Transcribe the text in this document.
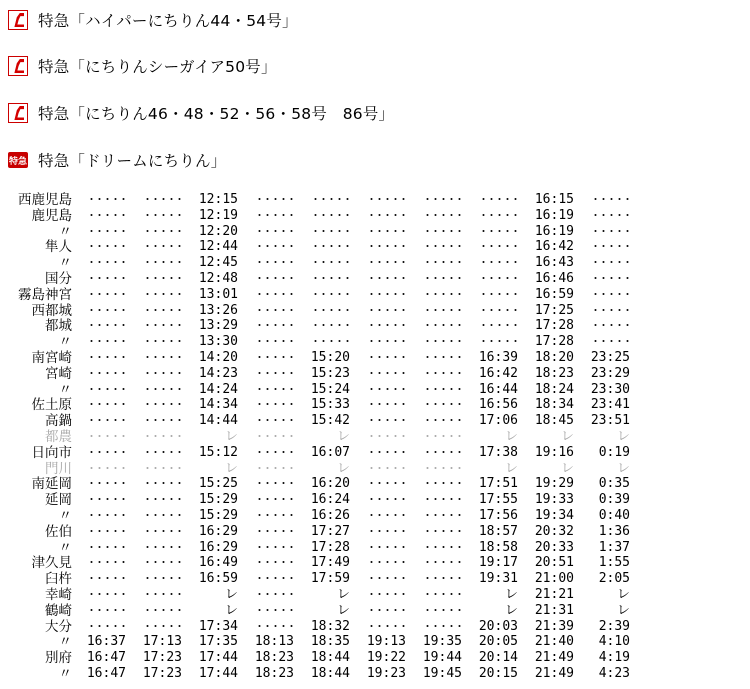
特急「ハイパーにちりん44・54号」
特急「にちりんシーガイア50号」
特急「にちりん46・48・52・56・58号　86号」
特急 特急「ドリームにちりん」
西鹿児島	・・・・・	・・・・・	12:15	・・・・・	・・・・・	・・・・・	・・・・・	・・・・・	16:15	・・・・・
鹿児島	・・・・・	・・・・・	12:19	・・・・・	・・・・・	・・・・・	・・・・・	・・・・・	16:19	・・・・・
〃	・・・・・	・・・・・	12:20	・・・・・	・・・・・	・・・・・	・・・・・	・・・・・	16:19	・・・・・
隼人	・・・・・	・・・・・	12:44	・・・・・	・・・・・	・・・・・	・・・・・	・・・・・	16:42	・・・・・
〃	・・・・・	・・・・・	12:45	・・・・・	・・・・・	・・・・・	・・・・・	・・・・・	16:43	・・・・・
国分	・・・・・	・・・・・	12:48	・・・・・	・・・・・	・・・・・	・・・・・	・・・・・	16:46	・・・・・
霧島神宮	・・・・・	・・・・・	13:01	・・・・・	・・・・・	・・・・・	・・・・・	・・・・・	16:59	・・・・・
西都城	・・・・・	・・・・・	13:26	・・・・・	・・・・・	・・・・・	・・・・・	・・・・・	17:25	・・・・・
都城	・・・・・	・・・・・	13:29	・・・・・	・・・・・	・・・・・	・・・・・	・・・・・	17:28	・・・・・
〃	・・・・・	・・・・・	13:30	・・・・・	・・・・・	・・・・・	・・・・・	・・・・・	17:28	・・・・・
南宮崎	・・・・・	・・・・・	14:20	・・・・・	15:20	・・・・・	・・・・・	16:39	18:20	23:25
宮崎	・・・・・	・・・・・	14:23	・・・・・	15:23	・・・・・	・・・・・	16:42	18:23	23:29
〃	・・・・・	・・・・・	14:24	・・・・・	15:24	・・・・・	・・・・・	16:44	18:24	23:30
佐土原	・・・・・	・・・・・	14:34	・・・・・	15:33	・・・・・	・・・・・	16:56	18:34	23:41
高鍋	・・・・・	・・・・・	14:44	・・・・・	15:42	・・・・・	・・・・・	17:06	18:45	23:51
都農	・・・・・	・・・・・	レ	・・・・・	レ	・・・・・	・・・・・	レ	レ	レ
日向市	・・・・・	・・・・・	15:12	・・・・・	16:07	・・・・・	・・・・・	17:38	19:16	0:19
門川	・・・・・	・・・・・	レ	・・・・・	レ	・・・・・	・・・・・	レ	レ	レ
南延岡	・・・・・	・・・・・	15:25	・・・・・	16:20	・・・・・	・・・・・	17:51	19:29	0:35
延岡	・・・・・	・・・・・	15:29	・・・・・	16:24	・・・・・	・・・・・	17:55	19:33	0:39
〃	・・・・・	・・・・・	15:29	・・・・・	16:26	・・・・・	・・・・・	17:56	19:34	0:40
佐伯	・・・・・	・・・・・	16:29	・・・・・	17:27	・・・・・	・・・・・	18:57	20:32	1:36
〃	・・・・・	・・・・・	16:29	・・・・・	17:28	・・・・・	・・・・・	18:58	20:33	1:37
津久見	・・・・・	・・・・・	16:49	・・・・・	17:49	・・・・・	・・・・・	19:17	20:51	1:55
臼杵	・・・・・	・・・・・	16:59	・・・・・	17:59	・・・・・	・・・・・	19:31	21:00	2:05
幸崎	・・・・・	・・・・・	レ	・・・・・	レ	・・・・・	・・・・・	レ	21:21	レ
鶴崎	・・・・・	・・・・・	レ	・・・・・	レ	・・・・・	・・・・・	レ	21:31	レ
大分	・・・・・	・・・・・	17:34	・・・・・	18:32	・・・・・	・・・・・	20:03	21:39	2:39
〃	16:37	17:13	17:35	18:13	18:35	19:13	19:35	20:05	21:40	4:10
別府	16:47	17:23	17:44	18:23	18:44	19:22	19:44	20:14	21:49	4:19
〃	16:47	17:23	17:44	18:23	18:44	19:23	19:45	20:15	21:49	4:23
